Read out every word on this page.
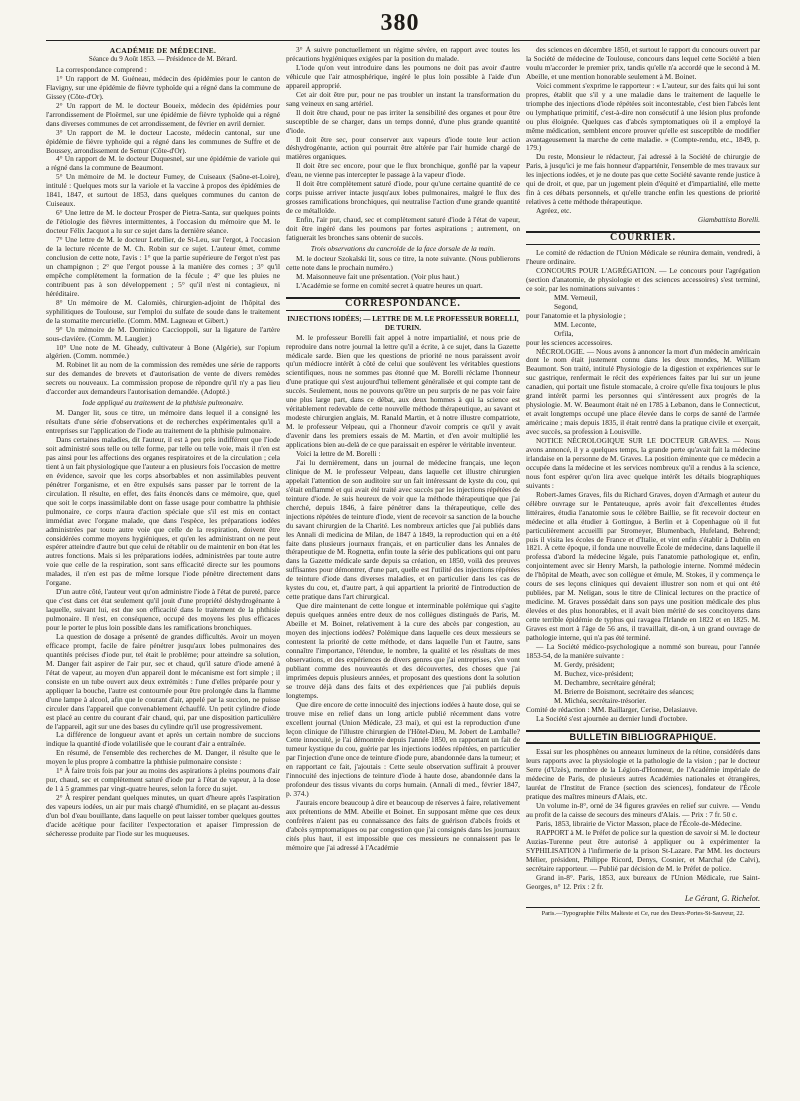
380
ACADÉMIE DE MÉDECINE.
Séance du 9 Août 1853. — Présidence de M. Bérard.

La correspondance comprend :

1° Un rapport de M. Guéneau, médecin des épidémies pour le canton de Flavigny, sur une épidémie de fièvre typhoïde qui a régné dans la commune de Gissey (Côte-d'Or).

2° Un rapport de M. le docteur Boueix, médecin des épidémies pour l'arrondissement de Ploërmel, sur une épidémie de fièvre typhoïde qui a régné dans diverses communes de cet arrondissement, de février en avril dernier.

3° Un rapport de M. le docteur Lacoste, médecin cantonal, sur une épidémie de fièvre typhoïde qui a régné dans les communes de Suffre et de Boussey, arrondissement de Semur (Côte-d'Or).

4° Un rapport de M. le docteur Duquesnel, sur une épidémie de variole qui a régné dans la commune de Beaumont.

5° Un mémoire de M. le docteur Fumey, de Cuiseaux (Saône-et-Loire), intitulé : Quelques mots sur la variole et la vaccine à propos des épidémies de 1841, 1847, et surtout de 1853, dans quelques communes du canton de Cuiseaux.

6° Une lettre de M. le docteur Prosper de Pietra-Santa, sur quelques points de l'étiologie des fièvres intermittentes, à l'occasion du mémoire que M. le docteur Félix Jacquot a lu sur ce sujet dans la dernière séance.

7° Une lettre de M. le docteur Letellier, de St-Leu, sur l'ergot, à l'occasion de la lecture récente de M. Ch. Robin sur ce sujet. L'auteur émet, comme conclusion de cette note, l'avis : 1° que la partie supérieure de l'ergot n'est pas un champignon ; 2° que l'ergot pousse à la manière des cornes ; 3° qu'il empêche complètement la formation de la fécule ; 4° que les pluies ne contribuent pas à son développement ; 5° qu'il n'est ni contagieux, ni héréditaire.

8° Un mémoire de M. Calomiès, chirurgien-adjoint de l'hôpital des syphilitiques de Toulouse, sur l'emploi du sulfate de soude dans le traitement de la stomatite mercurielle. (Comm. MM. Lagneau et Gibert.)

9° Un mémoire de M. Dominico Caccioppoli, sur la ligature de l'artère sous-clavière. (Comm. M. Laugier.)

10° Une note de M. Gheady, cultivateur à Bone (Algérie), sur l'opium algérien. (Comm. nommée.)

M. Robinet lit au nom de la commission des remèdes une série de rapports sur des demandes de brevets et d'autorisation de vente de divers remèdes secrets ou nouveaux. La commission propose de répondre qu'il n'y a pas lieu d'accorder aux demandeurs l'autorisation demandée. (Adopté.)

Iode appliqué au traitement de la phthisie pulmonaire.

M. Danger lit, sous ce titre, un mémoire dans lequel il a consigné les résultats d'une série d'observations et de recherches expérimentales qu'il a entreprises sur l'application de l'iode au traitement de la phthisie pulmonaire.

Dans certaines maladies, dit l'auteur, il est à peu près indifférent que l'iode soit administré sous telle ou telle forme, par telle ou telle voie, mais il n'en est pas ainsi pour les affections des organes respiratoires et de la circulation ; cela tient à un fait physiologique que l'auteur a en plusieurs fois l'occasion de mettre en évidence, savoir que les corps absorbables et non assimilables peuvent pénétrer l'organisme, et en être expulsés sans passer par le torrent de la circulation. Il résulte, en effet, des faits énoncés dans ce mémoire, que, quel que soit le corps inassimilable dont on fasse usage pour combattre la phthisie pulmonaire, ce corps n'aura d'action spéciale que s'il est mis en contact immédiat avec l'organe malade, que dans l'espèce, les préparations iodées administrées par toute autre voie que celle de la respiration, doivent être considérées comme moyens hygiéniques, et qu'en les administrant on ne peut espérer atteindre d'autre but que celui de rétablir ou de maintenir en bon état les autres fonctions. Mais si les préparations iodées, administrées par toute autre voie que celle de la respiration, sont sans efficacité directe sur les poumons malades, il n'en est pas de même lorsque l'iode pénètre directement dans l'organe.

D'un autre côté, l'auteur veut qu'on administre l'iode à l'état de pureté, parce que c'est dans cet état seulement qu'il jouit d'une propriété déshydrogénante à laquelle, suivant lui, est due son efficacité dans le traitement de la phthisie pulmonaire. Il n'est, en conséquence, occupé des moyens les plus efficaces pour le porter le plus loin possible dans les ramifications bronchiques.

La question de dosage a présenté de grandes difficultés. Avoir un moyen efficace prompt, facile de faire pénétrer jusqu'aux lobes pulmonaires des quantités précises d'iode pur, tel était le problème; pour atteindre sa solution, M. Danger fait aspirer de l'air pur, sec et chaud, qu'il sature d'iode amené à l'état de vapeur, au moyen d'un appareil dont le mécanisme est fort simple ; il consiste en un tube ouvert aux deux extrémités : l'une d'elles préparée pour y appliquer la bouche, l'autre est contournée pour être prolongée dans la flamme d'une lampe à alcool, afin que le courant d'air, appelé par la succion, ne puisse circuler dans l'appareil que convenablement échauffé. Un petit cylindre d'iode est placé au centre du courant d'air chaud, qui, par une disposition particulière de l'appareil, agit sur une des bases du cylindre qu'il use progressivement.

La différence de longueur avant et après un certain nombre de succions indique la quantité d'iode volatilisée que le courant d'air a entraînée.

En résumé, de l'ensemble des recherches de M. Danger, il résulte que le moyen le plus propre à combattre la phthisie pulmonaire consiste :

1° À faire trois fois par jour au moins des aspirations à pleins poumons d'air pur, chaud, sec et complètement saturé d'iode pur à l'état de vapeur, à la dose de 1 à 5 grammes par vingt-quatre heures, selon la force du sujet.

2° À respirer pendant quelques minutes, un quart d'heure après l'aspiration des vapeurs iodées, un air pur mais chargé d'humidité, en se plaçant au-dessus d'un bol d'eau bouillante, dans laquelle on peut laisser tomber quelques gouttes d'acide acétique pour faciliter l'expectoration et apaiser l'impression de sécheresse produite par l'iode sur les muqueuses.

3° À suivre ponctuellement un régime sévère, en rapport avec toutes les précautions hygiéniques exigées par la position du malade.

L'iode qu'on veut introduire dans les poumons ne doit pas avoir d'autre véhicule que l'air atmosphérique, ingéré le plus loin possible à l'aide d'un appareil approprié.

Cet air doit être pur, pour ne pas troubler un instant la transformation du sang veineux en sang artériel.

Il doit être chaud, pour ne pas irriter la sensibilité des organes et pour être susceptible de se charger, dans un temps donné, d'une plus grande quantité d'iode.

Il doit être sec, pour conserver aux vapeurs d'iode toute leur action déshydrogénante, action qui pourrait être altérée par l'air humide chargé de matières organiques.

Il doit être sec encore, pour que le flux bronchique, gonflé par la vapeur d'eau, ne vienne pas intercepter le passage à la vapeur d'iode.

Il doit être complètement saturé d'iode, pour qu'une certaine quantité de ce corps puisse arriver intacte jusqu'aux lobes pulmonaires, malgré le flux des grosses ramifications bronchiques, qui neutralise l'action d'une grande quantité de ce métalloïde.

Enfin, l'air pur, chaud, sec et complètement saturé d'iode à l'état de vapeur, doit être ingéré dans les poumons par fortes aspirations ; autrement, on fatiguerait les bronches sans obtenir de succès.

Trois observations du cancroïde de la face dorsale de la main.

M. le docteur Szokalski lit, sous ce titre, la note suivante. (Nous publierons cette note dans le prochain numéro.)

M. Maisonneuve fait une présentation. (Voir plus haut.)

L'Académie se forme en comité secret à quatre heures un quart.

CORRESPONDANCE.
INJECTIONS IODÉES; — LETTRE DE M. LE PROFESSEUR BORELLI, DE TURIN.

M. le professeur Borelli fait appel à notre impartialité, et nous prie de reproduire dans notre journal la lettre qu'il a écrite, à ce sujet, dans la Gazette médicale sarde. Bien que les questions de priorité ne nous paraissent avoir qu'un médiocre intérêt à côté de celui que soulèvent les véritables questions scientifiques, nous ne sommes pas étonné que M. Borelli réclame l'honneur d'une pratique qui s'est aujourd'hui tellement généralisée et qui compte tant de succès. Seulement, nous ne pouvons qu'être un peu surpris de ne pas voir faire une plus large part, dans ce débat, aux deux hommes à qui la science est véritablement redevable de cette nouvelle méthode thérapeutique, au savant et modeste chirurgien anglais, M. Ranald Martin, et à notre illustre compatriote, M. le professeur Velpeau, qui a l'honneur d'avoir compris ce qu'il y avait d'avenir dans les premiers essais de M. Martin, et d'en avoir multiplié les applications bien au-delà de ce que paraissait en espérer le véritable inventeur.

Voici la lettre de M. Borelli :

J'ai lu dernièrement, dans un journal de médecine français, une leçon clinique de M. le professeur Velpeau, dans laquelle cet illustre chirurgien appelait l'attention de son auditoire sur un fait intéressant de kyste du cou, qui s'était enflammé et qui avait été traité avec succès par les injections répétées de teinture d'iode. Je suis heureux de voir que la méthode thérapeutique que j'ai cherché, depuis 1846, à faire pénétrer dans la thérapeutique, celle des injections répétées de teinture d'iode, vient de recevoir sa sanction de la bouche du savant chirurgien de la Charité. Les nombreux articles que j'ai publiés dans les Annali di medicina de Milan, de 1847 à 1849, la reproduction qui en a été faite dans plusieurs journaux français, et en particulier dans les Annales de thérapeutique de M. Rognetta, enfin toute la série des publications qui ont paru dans la Gazette médicale sarde depuis sa création, en 1850, voilà des preuves suffisantes pour démontrer, d'une part, quelle est l'utilité des injections répétées de teinture d'iode dans diverses maladies, et en particulier dans les cas de kystes du cou, et, d'autre part, à qui appartient la priorité de l'introduction de cette pratique dans l'art chirurgical.

Que dire maintenant de cette longue et interminable polémique qui s'agite depuis quelques années entre deux de nos collègues distingués de Paris, M. Abeille et M. Boinet, relativement à la cure des abcès par congestion, au moyen des injections iodées? Polémique dans laquelle ces deux messieurs se contestent la priorité de cette méthode, et dans laquelle l'un et l'autre, sans connaître l'importance, l'étendue, le nombre, la qualité et les résultats de mes observations, et des expériences de divers genres que j'ai entreprises, s'en vont publiant comme des nouveautés et des découvertes, des choses que j'ai imprimées depuis plusieurs années, et proposant des questions dont la solution se trouve déjà dans des faits et des expériences que j'ai publiés depuis longtemps.

Que dire encore de cette innocuité des injections iodées à haute dose, qui se trouve mise en relief dans un long article publié récemment dans votre excellent journal (Union Médicale, 23 mai), et qui est la reproduction d'une leçon clinique de l'illustre chirurgien de l'Hôtel-Dieu, M. Jobert de Lamballe? Cette innocuité, je l'ai démontrée depuis l'année 1850, en rapportant un fait de tumeur kystique du cou, guérie par les injections iodées répétées, en particulier par l'injection d'une once de teinture d'iode pure, abandonnée dans la tumeur; et en rapportant ce fait, j'ajoutais : Cette seule observation suffirait à prouver l'innocuité des injections de teinture d'iode à haute dose, abandonnée dans la profondeur des tissus vivants du corps humain. (Annali di med., février 1847, p. 374.)

J'aurais encore beaucoup à dire et beaucoup de réserves à faire, relativement aux prétentions de MM. Abeille et Boinet. En supposant même que ces deux confrères n'aient pas eu connaissance des faits de guérison d'abcès froids et d'abcès symptomatiques ou par congestion que j'ai consignés dans les journaux cités plus haut, il est impossible que ces messieurs ne connaissent pas le mémoire que j'ai adressé à l'Académie

des sciences en décembre 1850, et surtout le rapport du concours ouvert par la Société de médecine de Toulouse, concours dans lequel cette Société a bien voulu m'accorder le premier prix, tandis qu'elle n'a accordé que le second à M. Abeille, et une mention honorable seulement à M. Boinet.

Voici comment s'exprime le rapporteur : « L'auteur, sur des faits qui lui sont propres, établit que s'il y a une maladie dans le traitement de laquelle le triomphe des injections d'iode répétées soit incontestable, c'est bien l'abcès lent ou lymphatique primitif, c'est-à-dire non consécutif à une lésion plus profonde ou plus éloignée. Quelques cas d'abcès symptomatiques où il a employé la même médication, semblent encore prouver qu'elle est susceptible de modifier avantageusement la marche de cette maladie. » (Compte-rendu, etc., 1849, p. 179.)

Du reste, Monsieur le rédacteur, j'ai adressé à la Société de chirurgie de Paris, à jusqu'ici je me fais honneur d'apparténir, l'ensemble de mes travaux sur les injections iodées, et je ne doute pas que cette Société savante rende justice à qui de droit, et que, par un jugement plein d'équité et d'impartialité, elle mette fin à ces débats personnels, et qu'elle tranche enfin les questions de priorité relatives à cette méthode thérapeutique.

Agréez, etc.

Giambattista Borelli.

COURRIER.

Le comité de rédaction de l'Union Médicale se réunira demain, vendredi, à l'heure ordinaire.

CONCOURS POUR L'AGRÉGATION. — Le concours pour l'agrégation (section d'anatomie, de physiologie et des sciences accessoires) s'est terminé, ce soir, par les nominations suivantes :

MM. Verneuil,

Segond,

pour l'anatomie et la physiologie ;

MM. Leconte,

Orfila,

pour les sciences accessoires.

NÉCROLOGIE. — Nous avons à annoncer la mort d'un médecin américain dont le nom était justement connu dans les deux mondes, M. William Beaumont. Son traité, intitulé Physiologie de la digestion et expériences sur le suc gastrique, renfermait le récit des expériences faites par lui sur un jeune canadien, qui portait une fistule stomacale, à croire qu'elle fixa toujours le plus grand intérêt parmi les personnes qui s'intéressent aux progrès de la physiologie. M. W. Beaumont était né en 1785 à Lebanon, dans le Connecticut, et avait longtemps occupé une place élevée dans le corps de santé de l'armée américaine ; mais depuis 1835, il était rentré dans la pratique civile et exerçait, avec succès, sa profession à Louisville.

NOTICE NÉCROLOGIQUE SUR LE DOCTEUR GRAVES. — Nous avons annoncé, il y a quelques temps, la grande perte qu'avait fait la médecine irlandaise en la personne de M. Graves. La position éminente que ce médecin a occupée dans la médecine et les services nombreux qu'il a rendus à la science, nous font espérer qu'on lira avec quelque intérêt les détails biographiques suivants :

Robert-James Graves, fils du Richard Graves, doyen d'Armagh et auteur du célèbre ouvrage sur le Pentateuque, après avoir fait d'excellentes études littéraires, étudia l'anatomie sous le célèbre Baillie, se fit recevoir docteur en médecine et alla étudier à Gottingue, à Berlin et à Copenhague où il fut particulièrement accueilli par Stromeyer, Blumenbach, Hufeland, Behrend; puis il visita les écoles de France et d'Italie, et vint enfin s'établir à Dublin en 1821. À cette époque, il fonda une nouvelle École de médecine, dans laquelle il professa d'abord la médecine légale, puis l'anatomie pathologique et, enfin, conjointement avec sir Henry Marsh, la pathologie interne. Nommé médecin de l'hôpital de Meath, avec son collègue et émule, M. Stokes, il y commença le cours de ses leçons cliniques qui devaient illustrer son nom et qui ont été publiées, par M. Neligan, sous le titre de Clinical lectures on the practice of medicine. M. Graves possédait dans son pays une position médicale des plus élevées et des plus honorables, et il avait bien mérité de ses concitoyens dans cette terrible épidémie de typhus qui ravagea l'Irlande en 1822 et en 1825. M. Graves est mort à l'âge de 56 ans, il travaillait, dit-on, à un grand ouvrage de pathologie interne, qui n'a pas été terminé.

— La Société médico-psychologique a nommé son bureau, pour l'année 1853-54, de la manière suivante :

M. Gerdy, président;

M. Buchez, vice-président;

M. Dechambre, secrétaire général;

M. Brierre de Boismont, secrétaire des séances;

M. Michéa, secrétaire-trésorier.

Comité de rédaction : MM. Baillarger, Cerise, Delasiauve.

La Société s'est ajournée au dernier lundi d'octobre.

BULLETIN BIBLIOGRAPHIQUE.

Essai sur les phosphènes ou anneaux lumineux de la rétine, considérés dans leurs rapports avec la physiologie et la pathologie de la vision ; par le docteur Serre (d'Uzès), membre de la Légion-d'Honneur, de l'Académie impériale de médecine de Paris, de plusieurs autres Académies nationales et étrangères, lauréat de l'Institut de France (section des sciences), fondateur de l'École pratique des maîtres mineurs d'Alais, etc.

Un volume in-8°, orné de 34 figures gravées en relief sur cuivre. — Vendu au profit de la caisse de secours des mineurs d'Alais. — Prix : 7 fr. 50 c.

Paris, 1853, librairie de Victor Masson, place de l'École-de-Médecine.

RAPPORT à M. le Préfet de police sur la question de savoir si M. le docteur Auzias-Turenne peut être autorisé à appliquer ou à expérimenter la SYPHILISATION à l'infirmerie de la prison St-Lazare. Par MM. les docteurs Mélier, président, Philippe Ricord, Denys, Cosnier, et Marchal (de Calvi), secrétaire rapporteur. — Publié par décision de M. le Préfet de police.

Grand in-8°. Paris, 1853, aux bureaux de l'Union Médicale, rue Saint-Georges, n° 12. Prix : 2 fr.

Le Gérant, G. Richelot.
Paris.—Typographie Félix Malteste et Ce, rue des Deux-Portes-St-Sauveur, 22.
